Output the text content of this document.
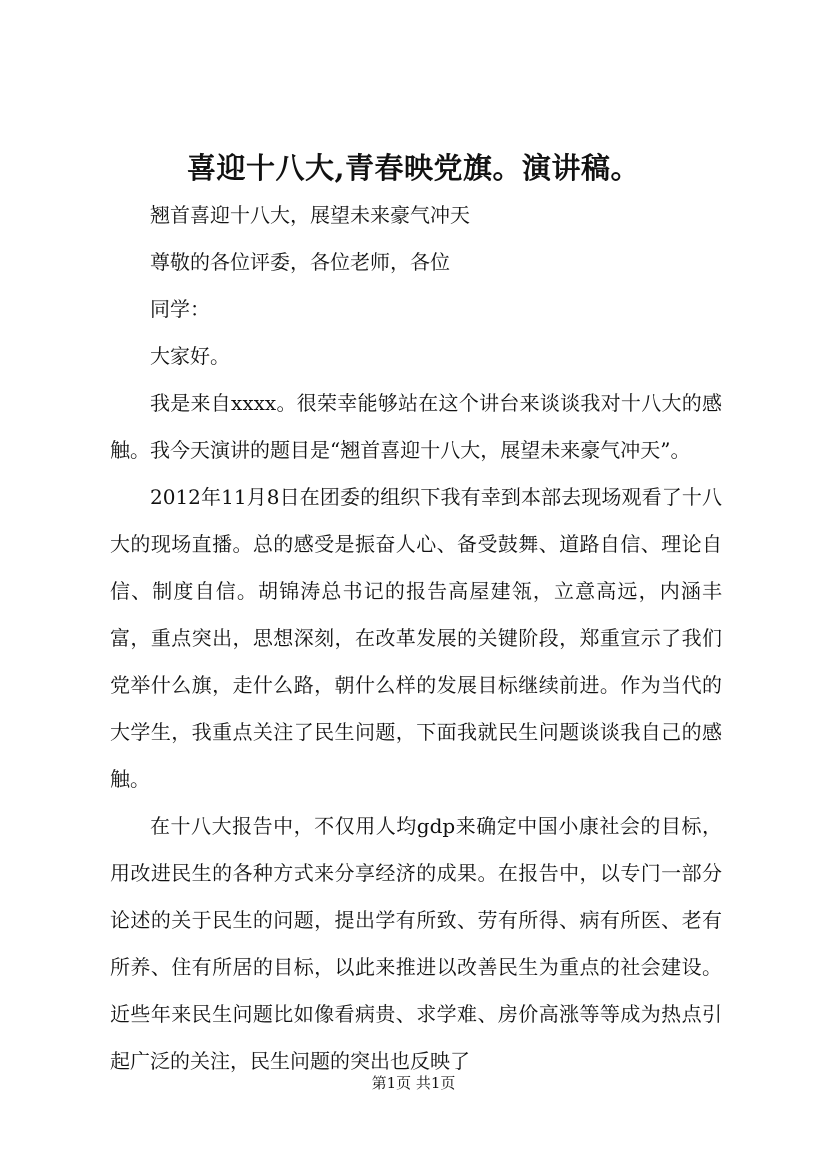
喜迎十八大,青春映党旗。演讲稿。

翘首喜迎十八大，展望未来豪气冲天

尊敬的各位评委，各位老师，各位

同学：

大家好。

我是来自xxxx。很荣幸能够站在这个讲台来谈谈我对十八大的感触。我今天演讲的题目是“翘首喜迎十八大，展望未来豪气冲天”。

2012年11月8日在团委的组织下我有幸到本部去现场观看了十八大的现场直播。总的感受是振奋人心、备受鼓舞、道路自信、理论自信、制度自信。胡锦涛总书记的报告高屋建瓴，立意高远，内涵丰富，重点突出，思想深刻，在改革发展的关键阶段，郑重宣示了我们党举什么旗，走什么路，朝什么样的发展目标继续前进。作为当代的大学生，我重点关注了民生问题，下面我就民生问题谈谈我自己的感触。

在十八大报告中，不仅用人均gdp来确定中国小康社会的目标，用改进民生的各种方式来分享经济的成果。在报告中，以专门一部分论述的关于民生的问题，提出学有所致、劳有所得、病有所医、老有所养、住有所居的目标，以此来推进以改善民生为重点的社会建设。近些年来民生问题比如像看病贵、求学难、房价高涨等等成为热点引起广泛的关注，民生问题的突出也反映了

第1页 共1页
